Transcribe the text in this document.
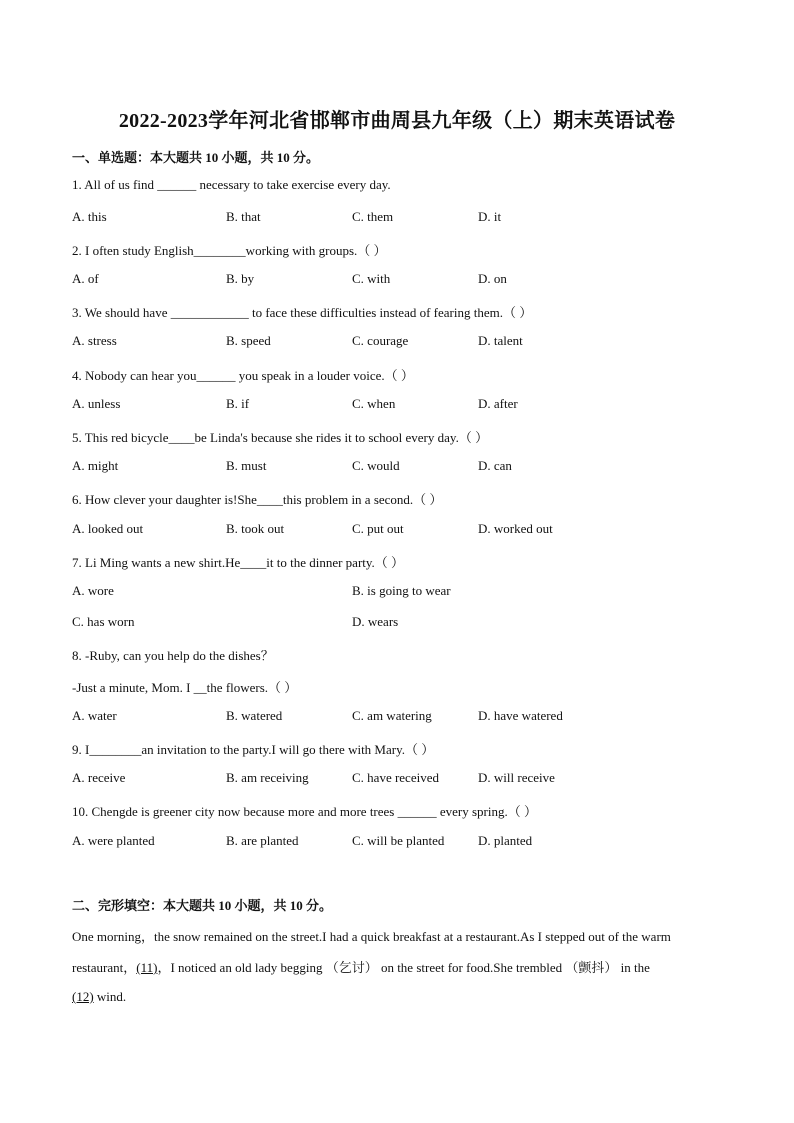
2022-2023学年河北省邯郸市曲周县九年级（上）期末英语试卷
一、单选题：本大题共 10 小题，共 10 分。
1. All of us find ______ necessary to take exercise every day.
A. this	B. that	C. them	D. it
2. I often study English________working with groups.（ ）
A. of	B. by	C. with	D. on
3. We should have ____________ to face these difficulties instead of fearing them.（ ）
A. stress	B. speed	C. courage	D. talent
4. Nobody can hear you______ you speak in a louder voice.（ ）
A. unless	B. if	C. when	D. after
5. This red bicycle____be Linda's because she rides it to school every day.（ ）
A. might	B. must	C. would	D. can
6. How clever your daughter is!She____this problem in a second.（ ）
A. looked out	B. took out	C. put out	D. worked out
7. Li Ming wants a new shirt.He____it to the dinner party.（ ）
A. wore	B. is going to wear
C. has worn	D. wears
8. -Ruby, can you help do the dishes？
-Just a minute, Mom. I __the flowers.（ ）
A. water	B. watered	C. am watering	D. have watered
9. I________an invitation to the party.I will go there with Mary.（ ）
A. receive	B. am receiving	C. have received	D. will receive
10. Chengde is greener city now because more and more trees ______ every spring.（ ）
A. were planted	B. are planted	C. will be planted	D. planted
二、完形填空：本大题共 10 小题，共 10 分。
One morning，the snow remained on the street.I had a quick breakfast at a restaurant.As I stepped out of the warm
restaurant，(11)，I noticed an old lady begging （乞讨） on the street for food.She trembled （颤抖） in the
(12) wind.
